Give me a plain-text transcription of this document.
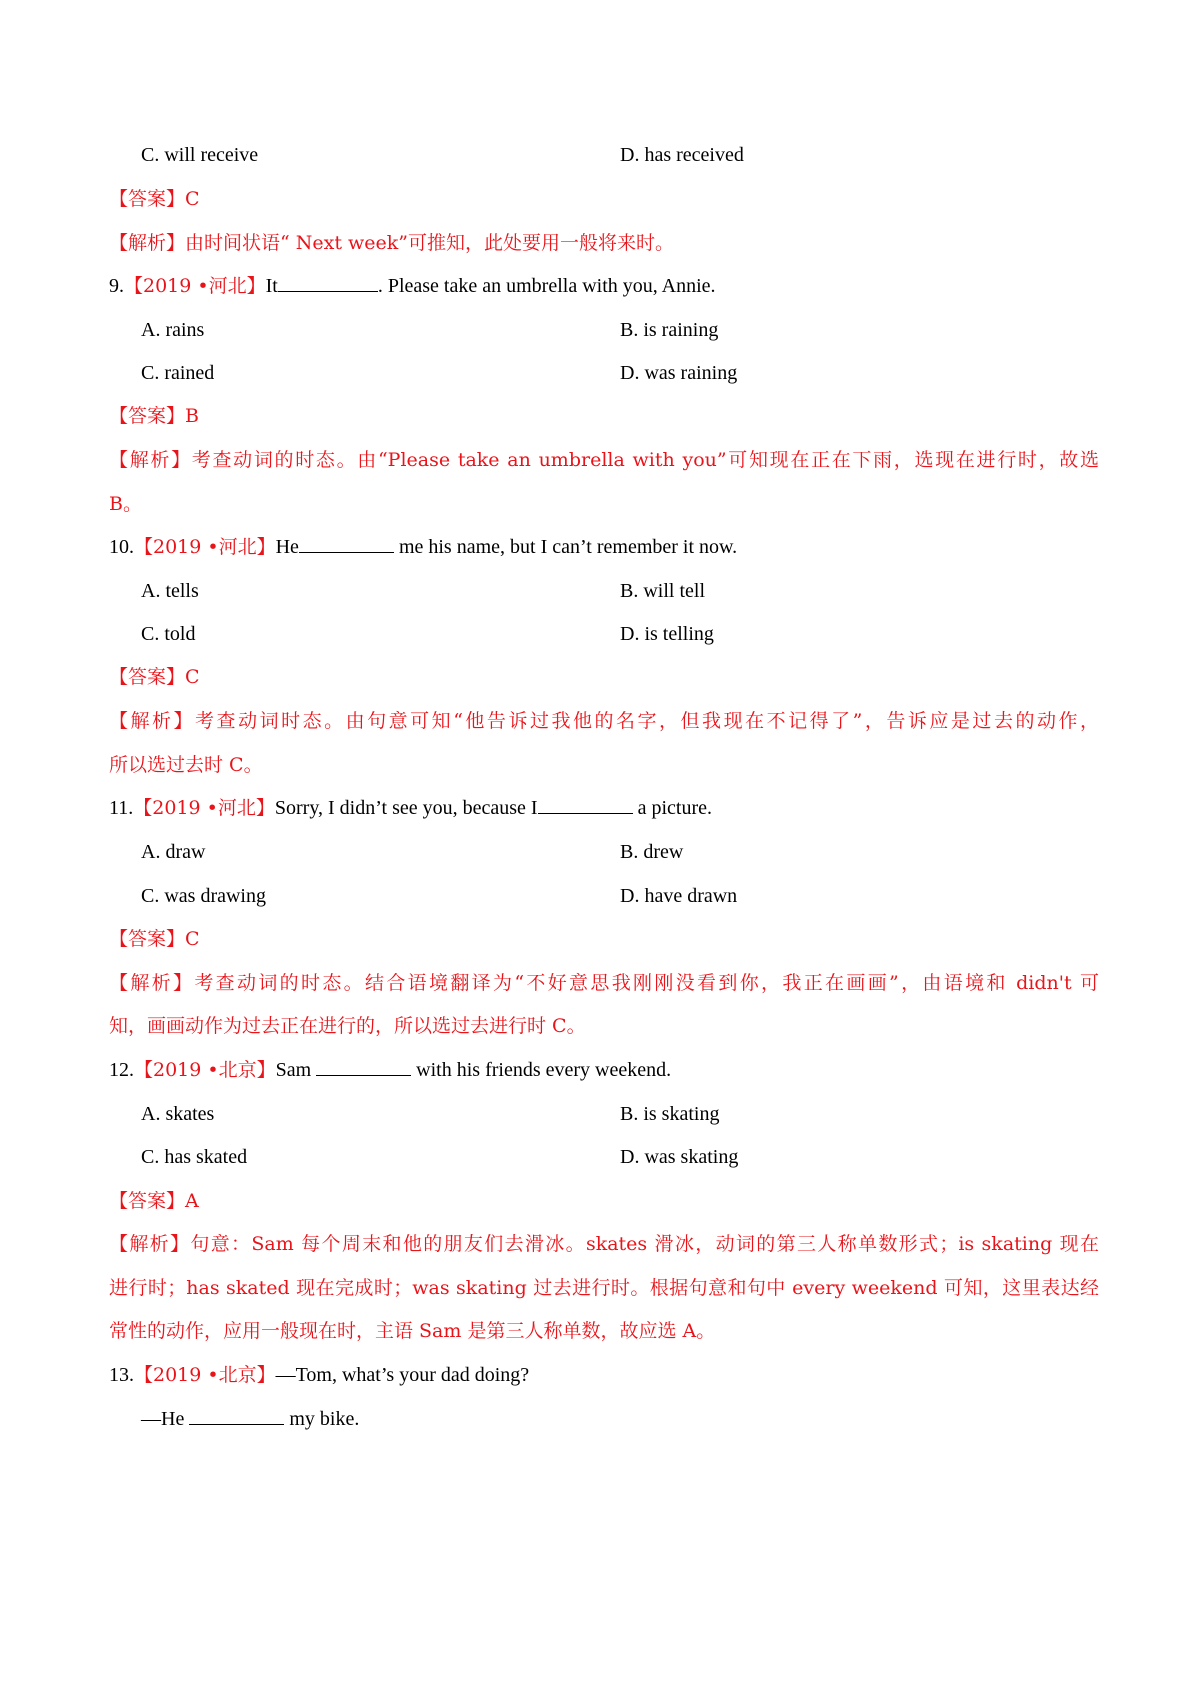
C. will receive	D. has received
【答案】C
【解析】由时间状语“ Next week”可推知，此处要用一般将来时。
9.【2019 •河北】It	. Please take an umbrella with you, Annie.
A. rains	B. is raining
C. rained	D. was raining
【答案】B
【解析】考查动词的时态。由“Please take an umbrella with you”可知现在正在下雨，选现在进行时，故选
B。
10.【2019 •河北】He	me his name, but I can’t remember it now.
A. tells	B. will tell
C. told	D. is telling
【答案】C
【解析】考查动词时态。由句意可知“他告诉过我他的名字，但我现在不记得了”，告诉应是过去的动作，
所以选过去时 C。
11.【2019 •河北】Sorry, I didn’t see you, because I	a picture.
A. draw	B. drew
C. was drawing	D. have drawn
【答案】C
【解析】考查动词的时态。结合语境翻译为“不好意思我刚刚没看到你，我正在画画”，由语境和 didn't 可
知，画画动作为过去正在进行的，所以选过去进行时 C。
12.【2019 •北京】Sam	with his friends every weekend.
A. skates	B. is skating
C. has skated	D. was skating
【答案】A
【解析】句意：Sam 每个周末和他的朋友们去滑冰。skates 滑冰，动词的第三人称单数形式；is skating 现在
进行时；has skated 现在完成时；was skating 过去进行时。根据句意和句中 every weekend 可知，这里表达经
常性的动作，应用一般现在时，主语 Sam 是第三人称单数，故应选 A。
13.【2019 •北京】—Tom, what’s your dad doing?
—He	my bike.
